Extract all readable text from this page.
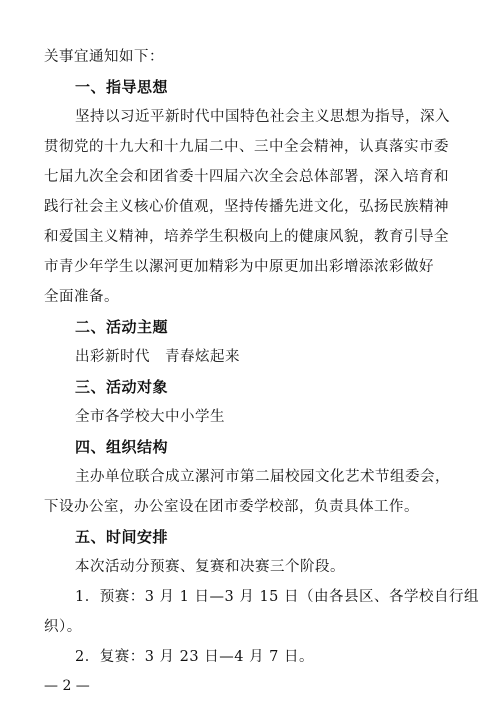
关事宜通知如下：
一、指导思想
坚持以习近平新时代中国特色社会主义思想为指导，深入
贯彻党的十九大和十九届二中、三中全会精神，认真落实市委
七届九次全会和团省委十四届六次全会总体部署，深入培育和
践行社会主义核心价值观，坚持传播先进文化，弘扬民族精神
和爱国主义精神，培养学生积极向上的健康风貌，教育引导全
市青少年学生以漯河更加精彩为中原更加出彩增添浓彩做好
全面准备。
二、活动主题
出彩新时代　青春炫起来
三、活动对象
全市各学校大中小学生
四、组织结构
主办单位联合成立漯河市第二届校园文化艺术节组委会，
下设办公室，办公室设在团市委学校部，负责具体工作。
五、时间安排
本次活动分预赛、复赛和决赛三个阶段。
— 2 —
1．预赛：3 月 1 日—3 月 15 日（由各县区、各学校自行组
织）。
2．复赛：3 月 23 日—4 月 7 日。
